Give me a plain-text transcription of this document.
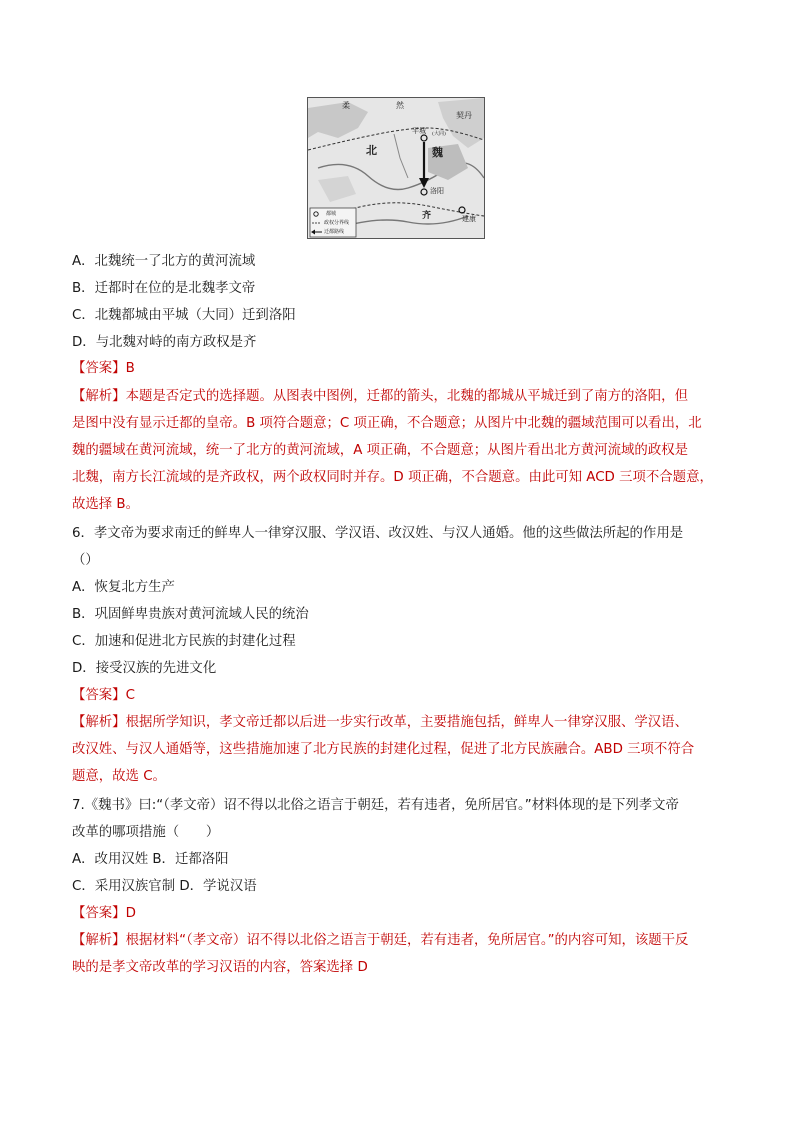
柔	然
契丹
北	魏
平城 (大同)
洛阳
齐	建康
都城
政权分界线
迁都路线
A．北魏统一了北方的黄河流域
B．迁都时在位的是北魏孝文帝
C．北魏都城由平城（大同）迁到洛阳
D．与北魏对峙的南方政权是齐
【答案】B
【解析】本题是否定式的选择题。从图表中图例，迁都的箭头，北魏的都城从平城迁到了南方的洛阳，但
是图中没有显示迁都的皇帝。B 项符合题意；C 项正确，不合题意；从图片中北魏的疆域范围可以看出，北
魏的疆域在黄河流域，统一了北方的黄河流域，A 项正确，不合题意；从图片看出北方黄河流域的政权是
北魏，南方长江流域的是齐政权，两个政权同时并存。D 项正确，不合题意。由此可知 ACD 三项不合题意，
故选择 B。
6．孝文帝为要求南迁的鲜卑人一律穿汉服、学汉语、改汉姓、与汉人通婚。他的这些做法所起的作用是
（）
A．恢复北方生产
B．巩固鲜卑贵族对黄河流域人民的统治
C．加速和促进北方民族的封建化过程
D．接受汉族的先进文化
【答案】C
【解析】根据所学知识，孝文帝迁都以后进一步实行改革，主要措施包括，鲜卑人一律穿汉服、学汉语、
改汉姓、与汉人通婚等，这些措施加速了北方民族的封建化过程，促进了北方民族融合。ABD 三项不符合
题意，故选 C。
7.《魏书》曰:“（孝文帝）诏不得以北俗之语言于朝廷，若有违者，免所居官。”材料体现的是下列孝文帝
改革的哪项措施（　　）
A．改用汉姓 B．迁都洛阳
C．采用汉族官制 D．学说汉语
【答案】D
【解析】根据材料“（孝文帝）诏不得以北俗之语言于朝廷，若有违者，免所居官。”的内容可知，该题干反
映的是孝文帝改革的学习汉语的内容，答案选择 D
